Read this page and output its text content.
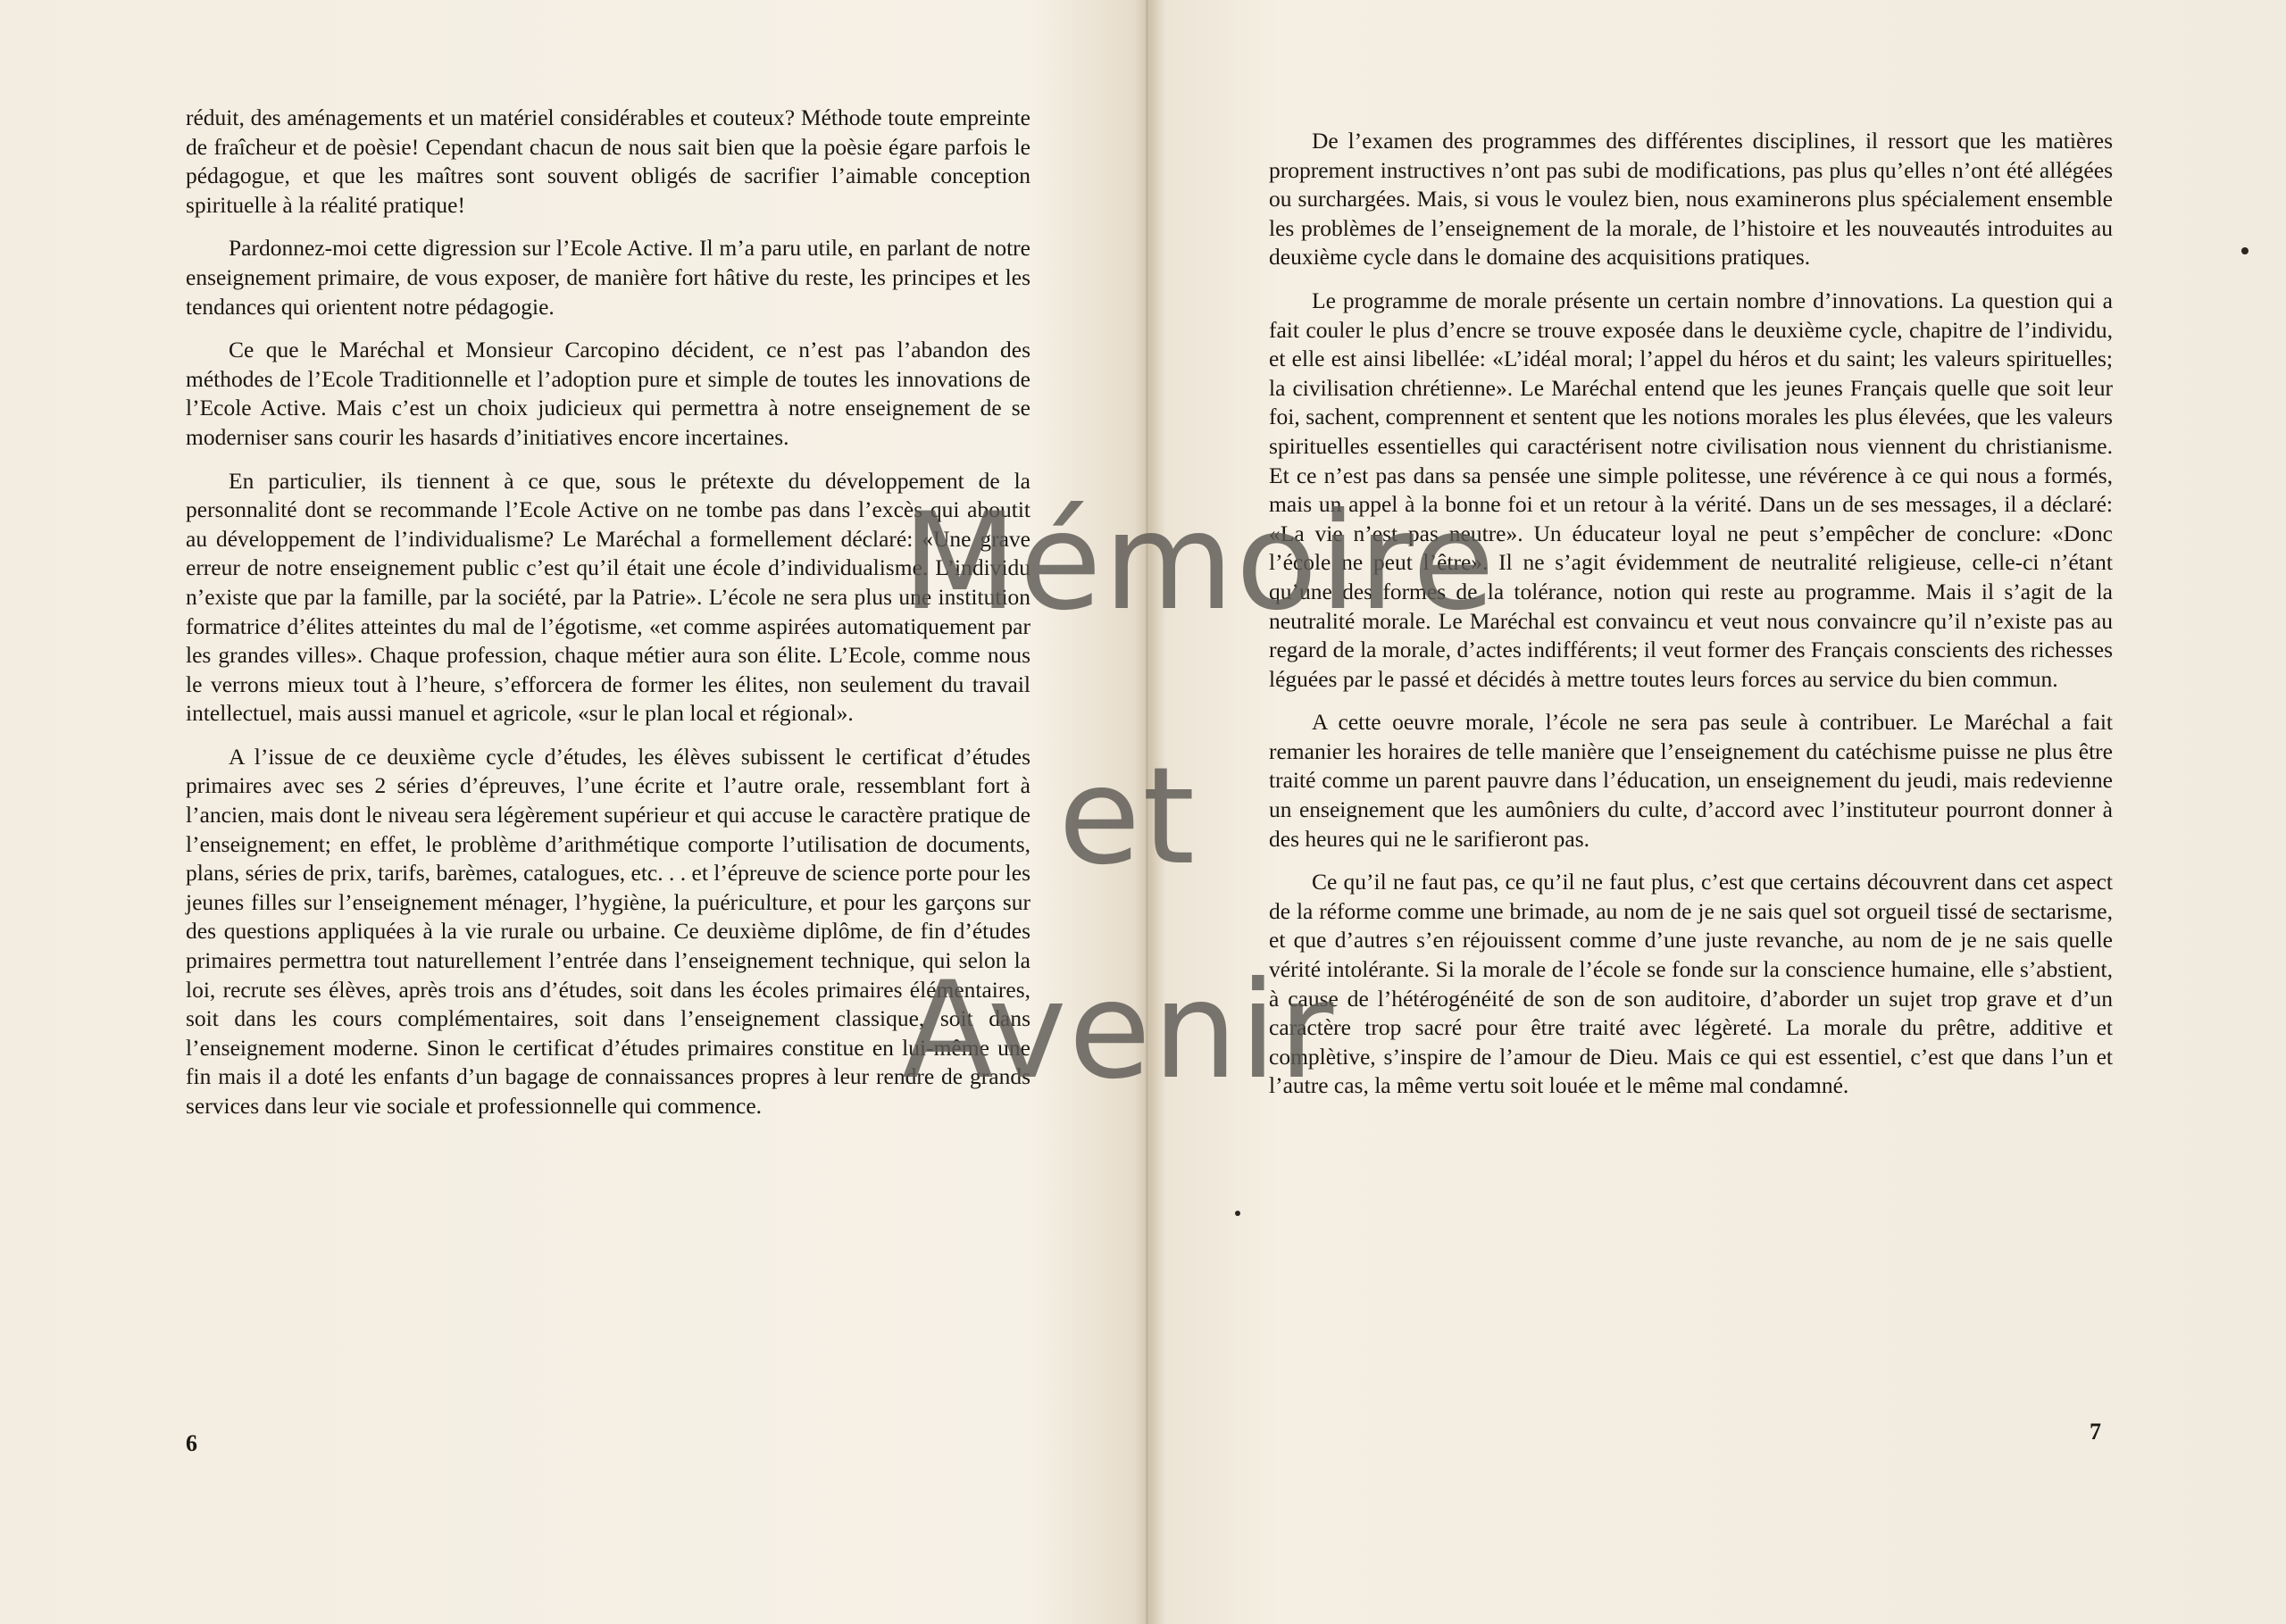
réduit, des aménagements et un matériel considérables et couteux? Méthode toute empreinte de fraîcheur et de poèsie! Cependant chacun de nous sait bien que la poèsie égare parfois le pédagogue, et que les maîtres sont souvent obligés de sacrifier l’aimable conception spirituelle à la réalité pratique!

Pardonnez-moi cette digression sur l’Ecole Active. Il m’a paru utile, en parlant de notre enseignement primaire, de vous exposer, de manière fort hâtive du reste, les principes et les tendances qui orientent notre pédagogie.

Ce que le Maréchal et Monsieur Carcopino décident, ce n’est pas l’abandon des méthodes de l’Ecole Traditionnelle et l’adoption pure et simple de toutes les innovations de l’Ecole Active. Mais c’est un choix judicieux qui permettra à notre enseignement de se moderniser sans courir les hasards d’initiatives encore incertaines.

En particulier, ils tiennent à ce que, sous le prétexte du développement de la personnalité dont se recommande l’Ecole Active on ne tombe pas dans l’excès qui aboutit au développement de l’individualisme? Le Maréchal a formellement déclaré: «Une grave erreur de notre enseignement public c’est qu’il était une école d’individualisme. L’individu n’existe que par la famille, par la société, par la Patrie». L’école ne sera plus une institution formatrice d’élites atteintes du mal de l’égotisme, «et comme aspirées automatiquement par les grandes villes». Chaque profession, chaque métier aura son élite. L’Ecole, comme nous le verrons mieux tout à l’heure, s’efforcera de former les élites, non seulement du travail intellectuel, mais aussi manuel et agricole, «sur le plan local et régional».

A l’issue de ce deuxième cycle d’études, les élèves subissent le certificat d’études primaires avec ses 2 séries d’épreuves, l’une écrite et l’autre orale, ressemblant fort à l’ancien, mais dont le niveau sera légèrement supérieur et qui accuse le caractère pratique de l’enseignement; en effet, le problème d’arithmétique comporte l’utilisation de documents, plans, séries de prix, tarifs, barèmes, catalogues, etc. . . et l’épreuve de science porte pour les jeunes filles sur l’enseignement ménager, l’hygiène, la puériculture, et pour les garçons sur des questions appliquées à la vie rurale ou urbaine. Ce deuxième diplôme, de fin d’études primaires permettra tout naturellement l’entrée dans l’enseignement technique, qui selon la loi, recrute ses élèves, après trois ans d’études, soit dans les écoles primaires élémentaires, soit dans les cours complémentaires, soit dans l’enseignement classique, soit dans l’enseignement moderne. Sinon le certificat d’études primaires constitue en lui-même une fin mais il a doté les enfants d’un bagage de connaissances propres à leur rendre de grands services dans leur vie sociale et professionnelle qui commence.

6

De l’examen des programmes des différentes disciplines, il ressort que les matières proprement instructives n’ont pas subi de modifications, pas plus qu’elles n’ont été allégées ou surchargées. Mais, si vous le voulez bien, nous examinerons plus spécialement ensemble les problèmes de l’enseignement de la morale, de l’histoire et les nouveautés introduites au deuxième cycle dans le domaine des acquisitions pratiques.

Le programme de morale présente un certain nombre d’innovations. La question qui a fait couler le plus d’encre se trouve exposée dans le deuxième cycle, chapitre de l’individu, et elle est ainsi libellée: «L’idéal moral; l’appel du héros et du saint; les valeurs spirituelles; la civilisation chrétienne». Le Maréchal entend que les jeunes Français quelle que soit leur foi, sachent, comprennent et sentent que les notions morales les plus élevées, que les valeurs spirituelles essentielles qui caractérisent notre civilisation nous viennent du christianisme. Et ce n’est pas dans sa pensée une simple politesse, une révérence à ce qui nous a formés, mais un appel à la bonne foi et un retour à la vérité. Dans un de ses messages, il a déclaré: «La vie n’est pas neutre». Un éducateur loyal ne peut s’empêcher de conclure: «Donc l’école ne peut l’être». Il ne s’agit évidemment de neutralité religieuse, celle-ci n’étant qu’une des formes de la tolérance, notion qui reste au programme. Mais il s’agit de la neutralité morale. Le Maréchal est convaincu et veut nous convaincre qu’il n’existe pas au regard de la morale, d’actes indifférents; il veut former des Français conscients des richesses léguées par le passé et décidés à mettre toutes leurs forces au service du bien commun.

A cette oeuvre morale, l’école ne sera pas seule à contribuer. Le Maréchal a fait remanier les horaires de telle manière que l’enseignement du catéchisme puisse ne plus être traité comme un parent pauvre dans l’éducation, un enseignement du jeudi, mais redevienne un enseignement que les aumôniers du culte, d’accord avec l’instituteur pourront donner à des heures qui ne le sarifieront pas.

Ce qu’il ne faut pas, ce qu’il ne faut plus, c’est que certains découvrent dans cet aspect de la réforme comme une brimade, au nom de je ne sais quel sot orgueil tissé de sectarisme, et que d’autres s’en réjouissent comme d’une juste revanche, au nom de je ne sais quelle vérité intolérante. Si la morale de l’école se fonde sur la conscience humaine, elle s’abstient, à cause de l’hétérogénéité de son de son auditoire, d’aborder un sujet trop grave et d’un caractère trop sacré pour être traité avec légèreté. La morale du prêtre, additive et complètive, s’inspire de l’amour de Dieu. Mais ce qui est essentiel, c’est que dans l’un et l’autre cas, la même vertu soit louée et le même mal condamné.

7
Mémoire
et
Avenir
